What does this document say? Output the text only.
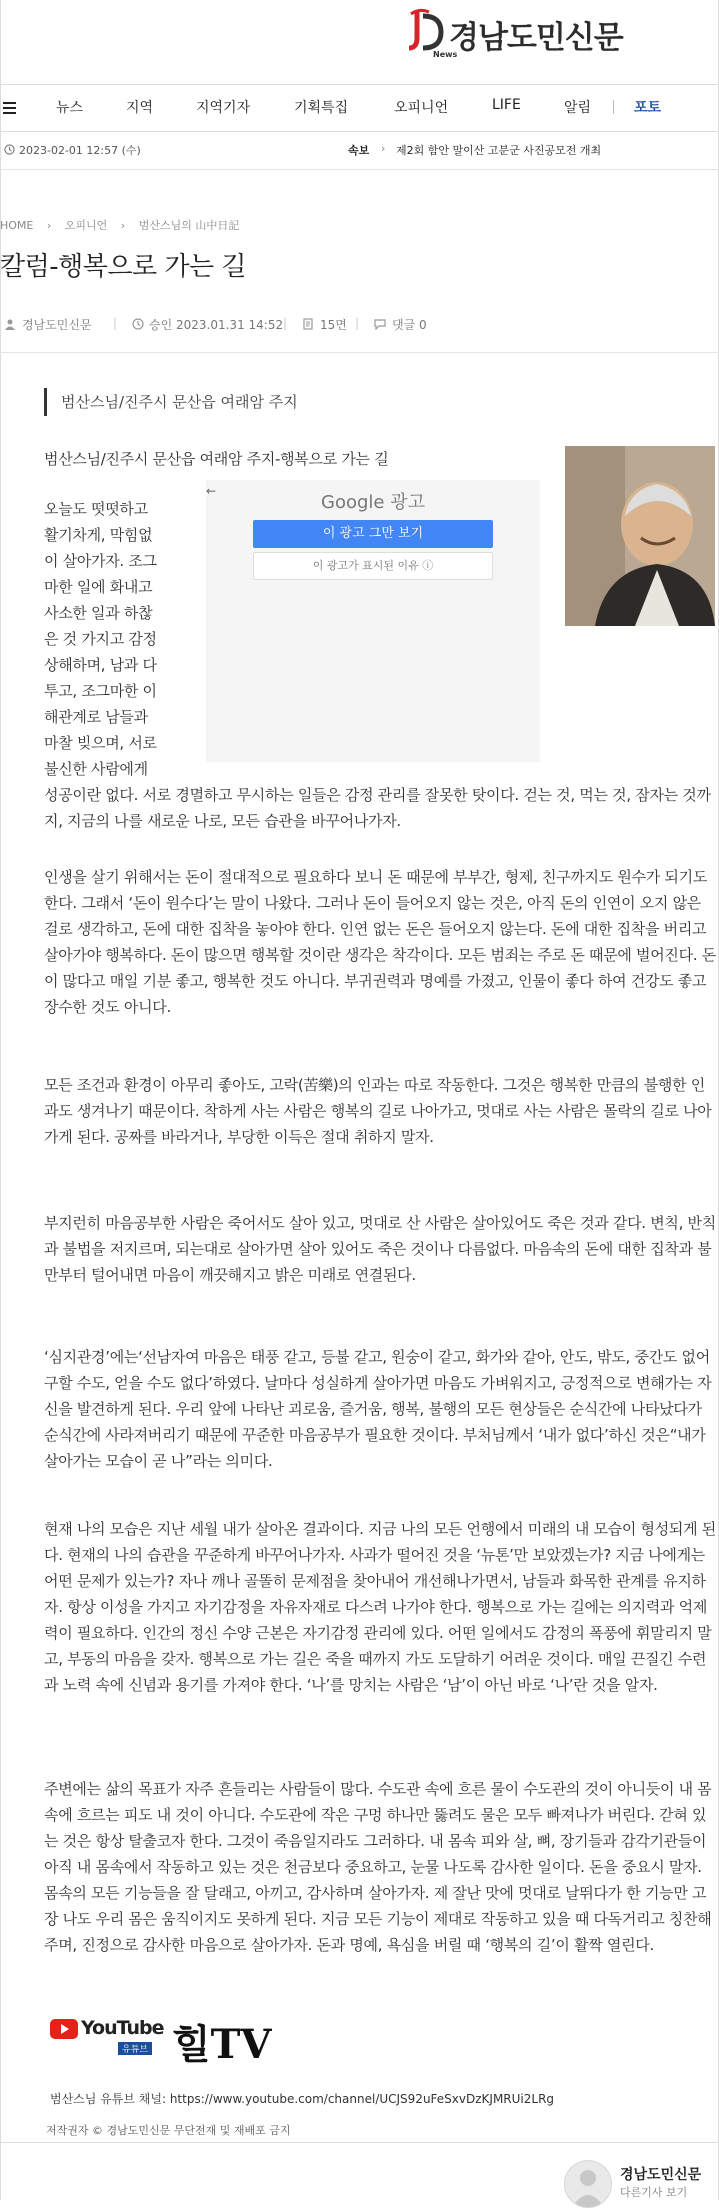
경남도민신문
News
뉴스	지역	지역기자	기획특집	오피니언	LIFE	알림	포토
2023-02-01 12:57 (수)	속보 › 제2회 함안 말이산 고분군 사진공모전 개최
HOME › 오피니언 › 범산스님의 山中日記
칼럼-행복으로 가는 길
경남도민신문 |	승인 2023.01.31 14:52 |	15면 |	댓글 0
범산스님/진주시 문산읍 여래암 주지

범산스님/진주시 문산읍 여래암 주지-행복으로 가는 길

오늘도 떳떳하고
활기차게, 막힘없
이 살아가자. 조그
마한 일에 화내고
사소한 일과 하찮
은 것 가지고 감정
상해하며, 남과 다
투고, 조그마한 이
해관계로 남들과
마찰 빚으며, 서로
불신한 사람에게
←
Google 광고
이 광고 그만 보기
이 광고가 표시된 이유 ⓘ

성공이란 없다. 서로 경멸하고 무시하는 일들은 감정 관리를 잘못한 탓이다. 걷는 것, 먹는 것, 잠자는 것까지, 지금의 나를 새로운 나로, 모든 습관을 바꾸어나가자.

인생을 살기 위해서는 돈이 절대적으로 필요하다 보니 돈 때문에 부부간, 형제, 친구까지도 원수가 되기도 한다. 그래서 ‘돈이 원수다’는 말이 나왔다. 그러나 돈이 들어오지 않는 것은, 아직 돈의 인연이 오지 않은 걸로 생각하고, 돈에 대한 집착을 놓아야 한다. 인연 없는 돈은 들어오지 않는다. 돈에 대한 집착을 버리고 살아가야 행복하다. 돈이 많으면 행복할 것이란 생각은 착각이다. 모든 범죄는 주로 돈 때문에 벌어진다. 돈이 많다고 매일 기분 좋고, 행복한 것도 아니다. 부귀권력과 명예를 가졌고, 인물이 좋다 하여 건강도 좋고 장수한 것도 아니다.

모든 조건과 환경이 아무리 좋아도, 고락(苦樂)의 인과는 따로 작동한다. 그것은 행복한 만큼의 불행한 인과도 생겨나기 때문이다. 착하게 사는 사람은 행복의 길로 나아가고, 멋대로 사는 사람은 몰락의 길로 나아가게 된다. 공짜를 바라거나, 부당한 이득은 절대 취하지 말자.

부지런히 마음공부한 사람은 죽어서도 살아 있고, 멋대로 산 사람은 살아있어도 죽은 것과 같다. 변칙, 반칙과 불법을 저지르며, 되는대로 살아가면 살아 있어도 죽은 것이나 다름없다. 마음속의 돈에 대한 집착과 불만부터 털어내면 마음이 깨끗해지고 밝은 미래로 연결된다.

‘심지관경’에는‘선남자여 마음은 태풍 같고, 등불 같고, 원숭이 같고, 화가와 같아, 안도, 밖도, 중간도 없어 구할 수도, 얻을 수도 없다’하였다. 날마다 성실하게 살아가면 마음도 가벼워지고, 긍정적으로 변해가는 자신을 발견하게 된다. 우리 앞에 나타난 괴로움, 즐거움, 행복, 불행의 모든 현상들은 순식간에 나타났다가 순식간에 사라져버리기 때문에 꾸준한 마음공부가 필요한 것이다. 부처님께서 ‘내가 없다’하신 것은“내가 살아가는 모습이 곧 나”라는 의미다.

현재 나의 모습은 지난 세월 내가 살아온 결과이다. 지금 나의 모든 언행에서 미래의 내 모습이 형성되게 된다. 현재의 나의 습관을 꾸준하게 바꾸어나가자. 사과가 떨어진 것을 ‘뉴톤’만 보았겠는가? 지금 나에게는 어떤 문제가 있는가? 자나 깨나 골똘히 문제점을 찾아내어 개선해나가면서, 남들과 화목한 관계를 유지하자. 항상 이성을 가지고 자기감정을 자유자재로 다스려 나가야 한다. 행복으로 가는 길에는 의지력과 억제력이 필요하다. 인간의 정신 수양 근본은 자기감정 관리에 있다. 어떤 일에서도 감정의 폭풍에 휘말리지 말고, 부동의 마음을 갖자. 행복으로 가는 길은 죽을 때까지 가도 도달하기 어려운 것이다. 매일 끈질긴 수련과 노력 속에 신념과 용기를 가져야 한다. ‘나’를 망치는 사람은 ‘남’이 아닌 바로 ‘나’란 것을 알자.

주변에는 삶의 목표가 자주 흔들리는 사람들이 많다. 수도관 속에 흐른 물이 수도관의 것이 아니듯이 내 몸속에 흐르는 피도 내 것이 아니다. 수도관에 작은 구멍 하나만 뚫려도 물은 모두 빠져나가 버린다. 갇혀 있는 것은 항상 탈출코자 한다. 그것이 죽음일지라도 그러하다. 내 몸속 피와 살, 뼈, 장기들과 감각기관들이 아직 내 몸속에서 작동하고 있는 것은 천금보다 중요하고, 눈물 나도록 감사한 일이다. 돈을 중요시 말자. 몸속의 모든 기능들을 잘 달래고, 아끼고, 감사하며 살아가자. 제 잘난 맛에 멋대로 날뛰다가 한 기능만 고장 나도 우리 몸은 움직이지도 못하게 된다. 지금 모든 기능이 제대로 작동하고 있을 때 다독거리고 칭찬해주며, 진정으로 감사한 마음으로 살아가자. 돈과 명예, 욕심을 버릴 때 ‘행복의 길’이 활짝 열린다.

YouTube
유튜브 힐TV
범산스님 유튜브 채널: https://www.youtube.com/channel/UCJS92uFeSxvDzKJMRUi2LRg
저작권자 © 경남도민신문 무단전재 및 재배포 금지
경남도민신문
다른기사 보기
